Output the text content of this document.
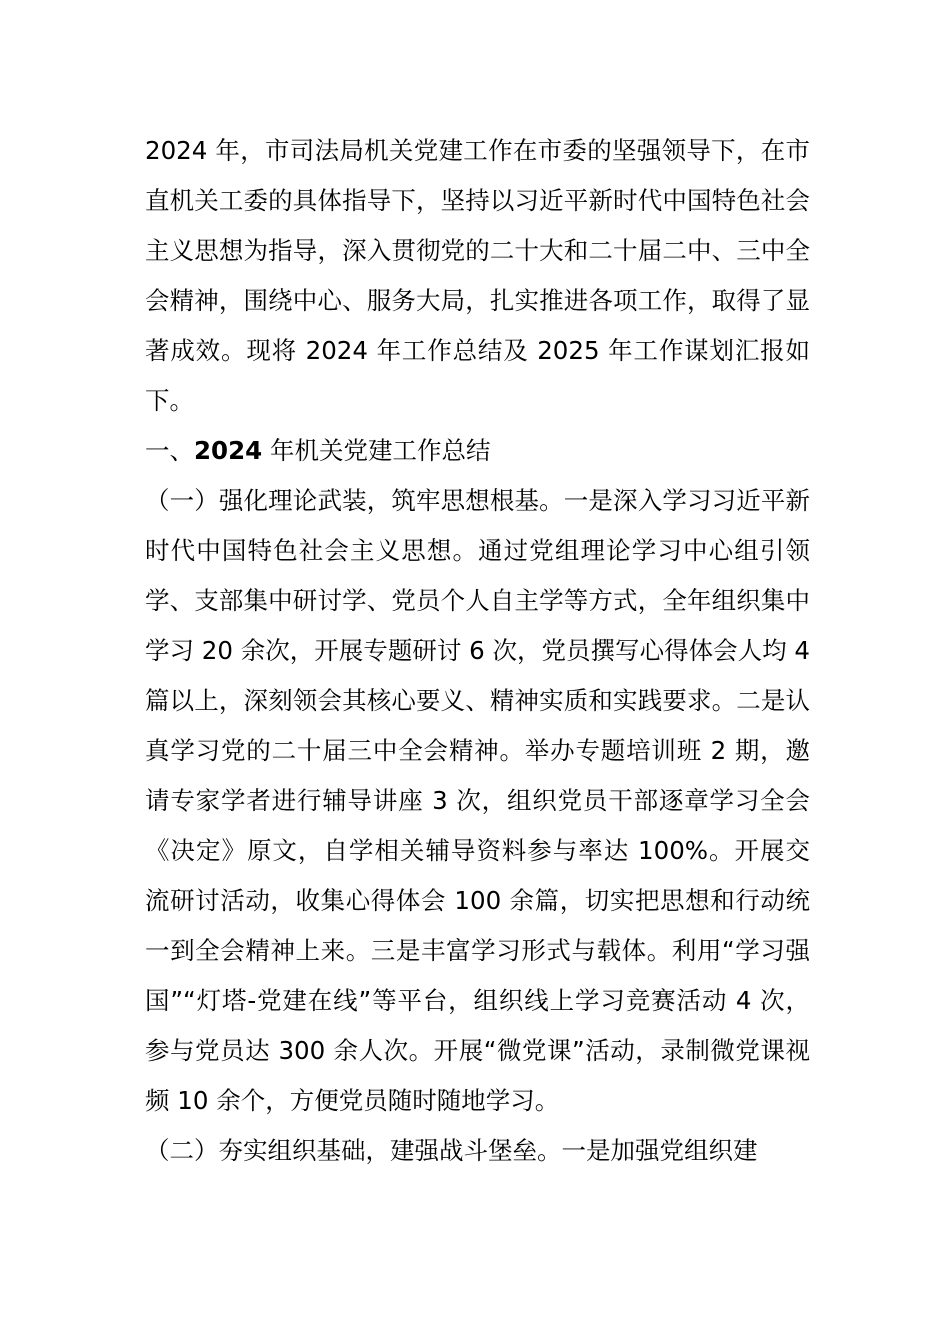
2024 年，市司法局机关党建工作在市委的坚强领导下，在市直机关工委的具体指导下，坚持以习近平新时代中国特色社会主义思想为指导，深入贯彻党的二十大和二十届二中、三中全会精神，围绕中心、服务大局，扎实推进各项工作，取得了显著成效。现将 2024 年工作总结及 2025 年工作谋划汇报如下。

一、2024 年机关党建工作总结

（一）强化理论武装，筑牢思想根基。一是深入学习习近平新时代中国特色社会主义思想。通过党组理论学习中心组引领学、支部集中研讨学、党员个人自主学等方式，全年组织集中学习 20 余次，开展专题研讨 6 次，党员撰写心得体会人均 4 篇以上，深刻领会其核心要义、精神实质和实践要求。二是认真学习党的二十届三中全会精神。举办专题培训班 2 期，邀请专家学者进行辅导讲座 3 次，组织党员干部逐章学习全会《决定》原文，自学相关辅导资料参与率达 100%。开展交流研讨活动，收集心得体会 100 余篇，切实把思想和行动统一到全会精神上来。三是丰富学习形式与载体。利用“学习强国”“灯塔-党建在线”等平台，组织线上学习竞赛活动 4 次，参与党员达 300 余人次。开展“微党课”活动，录制微党课视频 10 余个，方便党员随时随地学习。

（二）夯实组织基础，建强战斗堡垒。一是加强党组织建
